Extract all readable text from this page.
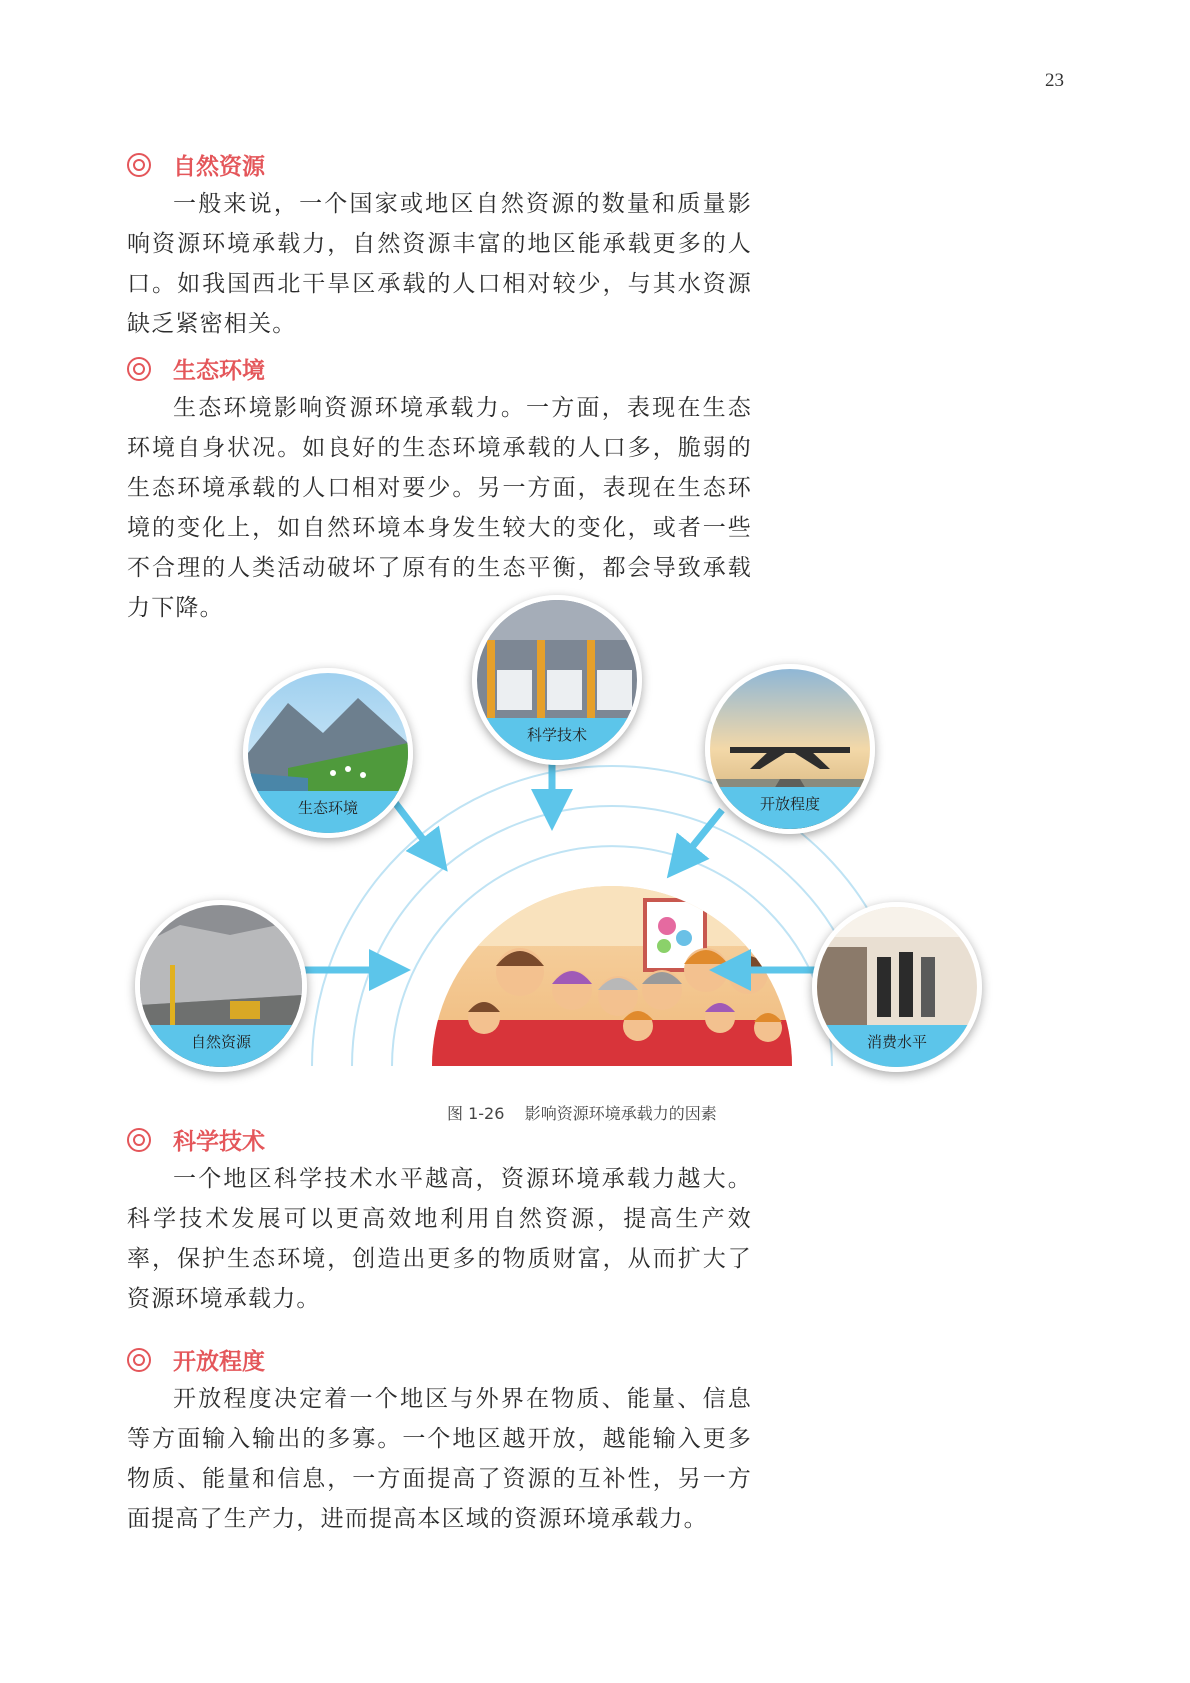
23
自然资源

一般来说，一个国家或地区自然资源的数量和质量影响资源环境承载力，自然资源丰富的地区能承载更多的人口。如我国西北干旱区承载的人口相对较少，与其水资源缺乏紧密相关。

生态环境

生态环境影响资源环境承载力。一方面，表现在生态环境自身状况。如良好的生态环境承载的人口多，脆弱的生态环境承载的人口相对要少。另一方面，表现在生态环境的变化上，如自然环境本身发生较大的变化，或者一些不合理的人类活动破坏了原有的生态平衡，都会导致承载力下降。

自然资源
生态环境
科学技术
开放程度
消费水平
图 1-26    影响资源环境承载力的因素
科学技术

一个地区科学技术水平越高，资源环境承载力越大。科学技术发展可以更高效地利用自然资源，提高生产效率，保护生态环境，创造出更多的物质财富，从而扩大了资源环境承载力。

开放程度

开放程度决定着一个地区与外界在物质、能量、信息等方面输入输出的多寡。一个地区越开放，越能输入更多物质、能量和信息，一方面提高了资源的互补性，另一方面提高了生产力，进而提高本区域的资源环境承载力。
